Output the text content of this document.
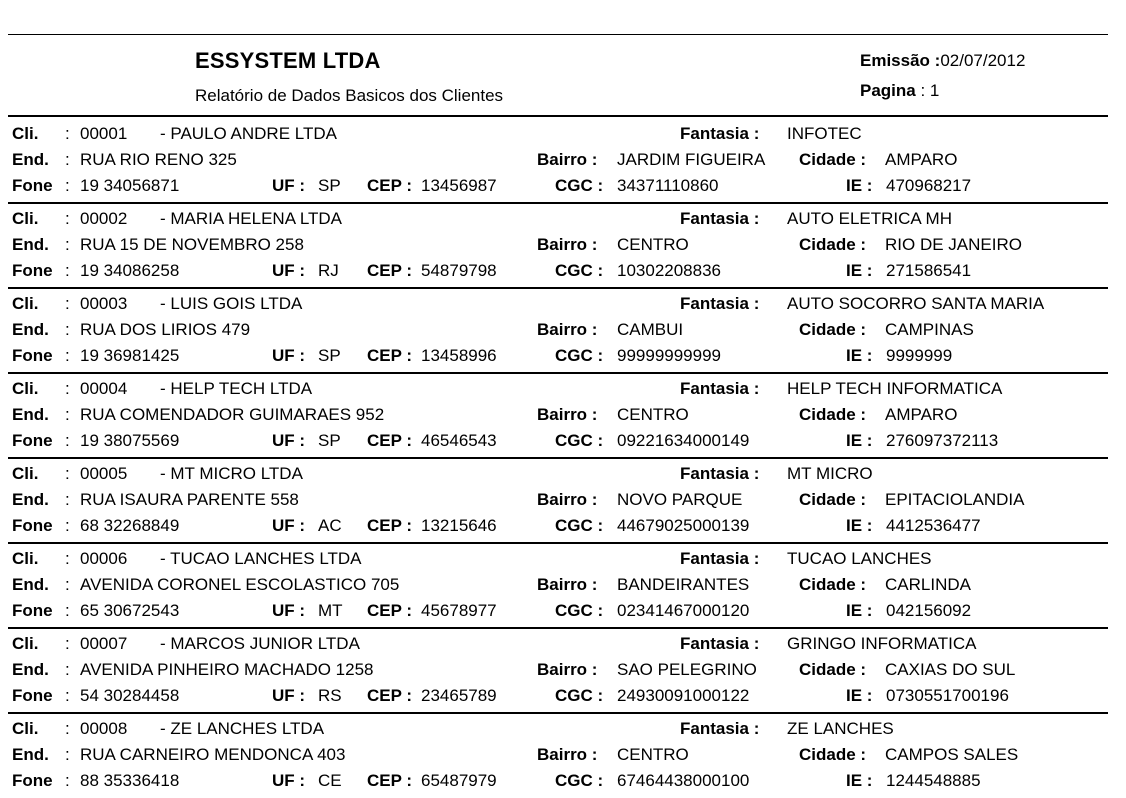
ESSYSTEM LTDA
Relatório de Dados Basicos dos Clientes
Emissão :02/07/2012
Pagina : 1
Cli. : 00001 - PAULO ANDRE LTDA	Fantasia : INFOTEC
End. : RUA RIO RENO 325	Bairro : JARDIM FIGUEIRA Cidade : AMPARO
Fone : 19 34056871	UF : SP CEP : 13456987	CGC : 34371110860	IE : 470968217
Cli. : 00002 - MARIA HELENA LTDA	Fantasia : AUTO ELETRICA MH
End. : RUA 15 DE NOVEMBRO 258	Bairro : CENTRO	Cidade : RIO DE JANEIRO
Fone : 19 34086258	UF : RJ CEP : 54879798	CGC : 10302208836	IE : 271586541
Cli. : 00003 - LUIS GOIS LTDA	Fantasia : AUTO SOCORRO SANTA MARIA
End. : RUA DOS LIRIOS 479	Bairro : CAMBUI	Cidade : CAMPINAS
Fone : 19 36981425	UF : SP CEP : 13458996	CGC : 99999999999	IE : 9999999
Cli. : 00004 - HELP TECH LTDA	Fantasia : HELP TECH INFORMATICA
End. : RUA COMENDADOR GUIMARAES 952	Bairro : CENTRO	Cidade : AMPARO
Fone : 19 38075569	UF : SP CEP : 46546543	CGC : 09221634000149	IE : 276097372113
Cli. : 00005 - MT MICRO LTDA	Fantasia : MT MICRO
End. : RUA ISAURA PARENTE 558	Bairro : NOVO PARQUE	Cidade : EPITACIOLANDIA
Fone : 68 32268849	UF : AC CEP : 13215646	CGC : 44679025000139	IE : 4412536477
Cli. : 00006 - TUCAO LANCHES LTDA	Fantasia : TUCAO LANCHES
End. : AVENIDA CORONEL ESCOLASTICO 705	Bairro : BANDEIRANTES	Cidade : CARLINDA
Fone : 65 30672543	UF : MT CEP : 45678977	CGC : 02341467000120	IE : 042156092
Cli. : 00007 - MARCOS JUNIOR LTDA	Fantasia : GRINGO INFORMATICA
End. : AVENIDA PINHEIRO MACHADO 1258	Bairro : SAO PELEGRINO Cidade : CAXIAS DO SUL
Fone : 54 30284458	UF : RS CEP : 23465789	CGC : 24930091000122	IE : 0730551700196
Cli. : 00008 - ZE LANCHES LTDA	Fantasia : ZE LANCHES
End. : RUA CARNEIRO MENDONCA 403	Bairro : CENTRO	Cidade : CAMPOS SALES
Fone : 88 35336418	UF : CE CEP : 65487979	CGC : 67464438000100	IE : 1244548885
